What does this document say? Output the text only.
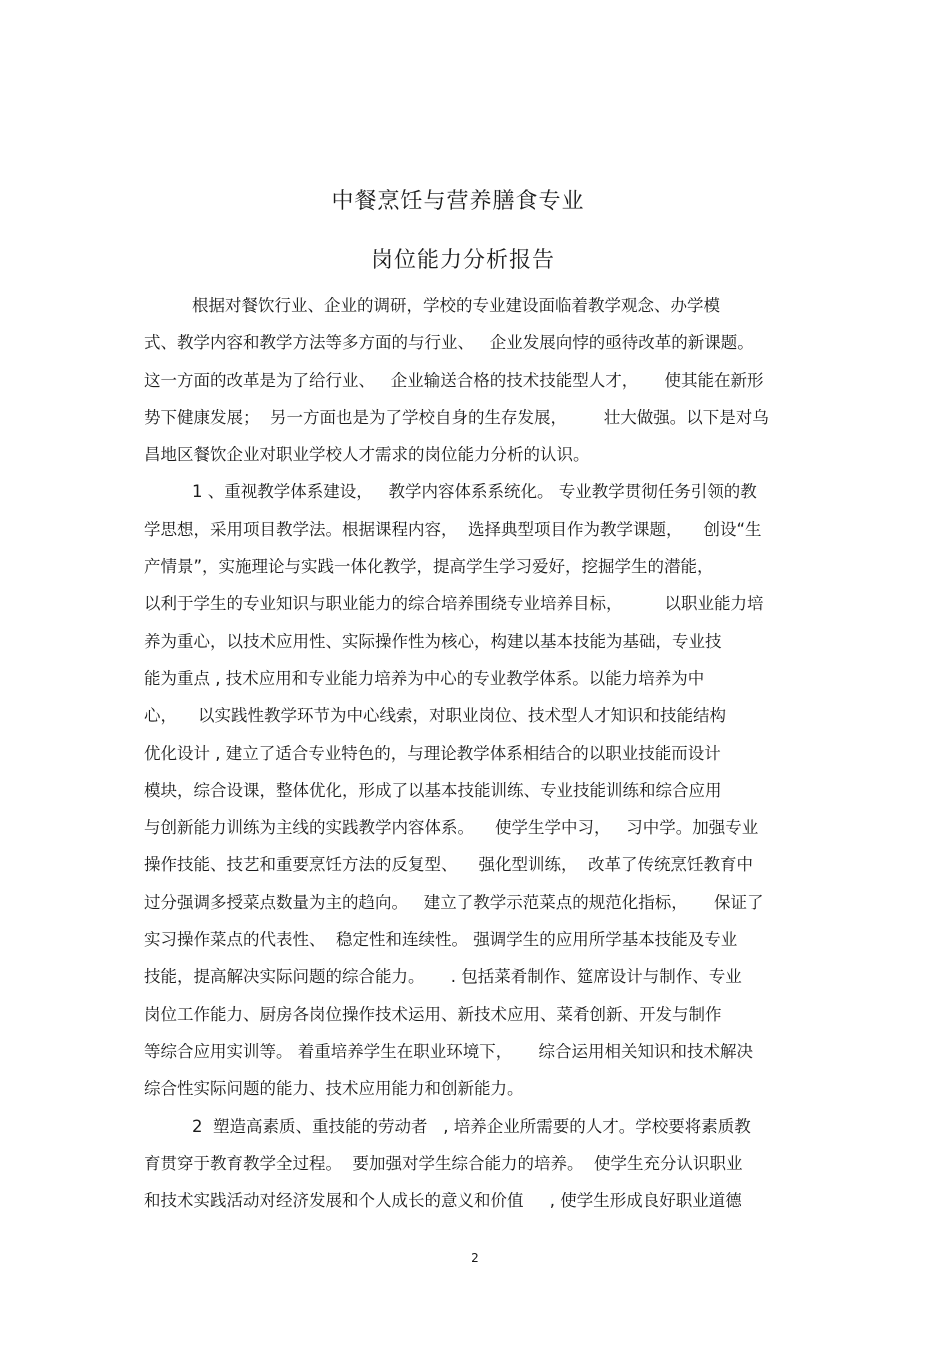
中餐烹饪与营养膳食专业
岗位能力分析报告
根据对餐饮行业、企业的调研，学校的专业建设面临着教学观念、办学模
式、教学内容和教学方法等多方面的与行业、   企业发展向悖的亟待改革的新课题。
这一方面的改革是为了给行业、   企业输送合格的技术技能型人才，     使其能在新形
势下健康发展；  另一方面也是为了学校自身的生存发展，       壮大做强。以下是对乌
昌地区餐饮企业对职业学校人才需求的岗位能力分析的认识。
1 、重视教学体系建设，   教学内容体系系统化。 专业教学贯彻任务引领的教
学思想，采用项目教学法。根据课程内容，  选择典型项目作为教学课题，    创设“生
产情景”，实施理论与实践一体化教学，提高学生学习爱好，挖掘学生的潜能，
以利于学生的专业知识与职业能力的综合培养围绕专业培养目标，        以职业能力培
养为重心，以技术应用性、实际操作性为核心，构建以基本技能为基础，专业技
能为重点 , 技术应用和专业能力培养为中心的专业教学体系。以能力培养为中
心，    以实践性教学环节为中心线索，对职业岗位、技术型人才知识和技能结构
优化设计 , 建立了适合专业特色的，与理论教学体系相结合的以职业技能而设计
模块，综合设课，整体优化，形成了以基本技能训练、专业技能训练和综合应用
与创新能力训练为主线的实践教学内容体系。    使学生学中习，   习中学。加强专业
操作技能、技艺和重要烹饪方法的反复型、    强化型训练，  改革了传统烹饪教育中
过分强调多授菜点数量为主的趋向。   建立了教学示范菜点的规范化指标，     保证了
实习操作菜点的代表性、  稳定性和连续性。 强调学生的应用所学基本技能及专业
技能，提高解决实际问题的综合能力。     . 包括菜肴制作、筵席设计与制作、专业
岗位工作能力、厨房各岗位操作技术运用、新技术应用、菜肴创新、开发与制作
等综合应用实训等。 着重培养学生在职业环境下，     综合运用相关知识和技术解决
综合性实际问题的能力、技术应用能力和创新能力。
2  塑造高素质、重技能的劳动者   , 培养企业所需要的人才。学校要将素质教
育贯穿于教育教学全过程。  要加强对学生综合能力的培养。  使学生充分认识职业
和技术实践活动对经济发展和个人成长的意义和价值     , 使学生形成良好职业道德
2
